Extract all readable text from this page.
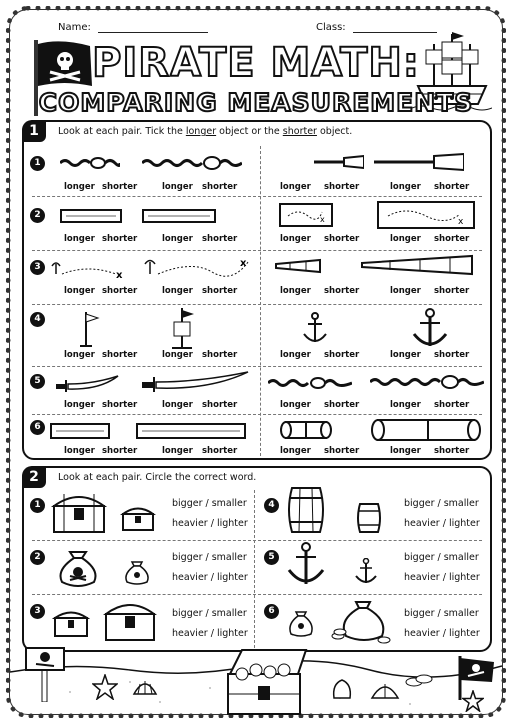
Name:	Class:
PIRATE MATH:
COMPARING MEASUREMENTS
1	Look at each pair. Tick the longer object or the shorter object.
1
longer shorter	longer shorter	longer shorter	longer shorter
2	x	x
longer shorter	longer shorter	longer shorter	longer shorter
3
x
x
longer shorter	longer shorter	longer shorter	longer shorter
4
longer shorter	longer shorter	longer shorter	longer shorter
5
longer shorter	longer shorter	longer shorter	longer shorter
6
longer shorter	longer shorter	longer shorter	longer shorter
2	Look at each pair. Circle the correct word.
1	bigger / smaller
heavier / lighter
2	bigger / smaller
heavier / lighter
3	bigger / smaller
heavier / lighter
4	bigger / smaller
heavier / lighter
5	bigger / smaller
heavier / lighter
6	bigger / smaller
heavier / lighter
